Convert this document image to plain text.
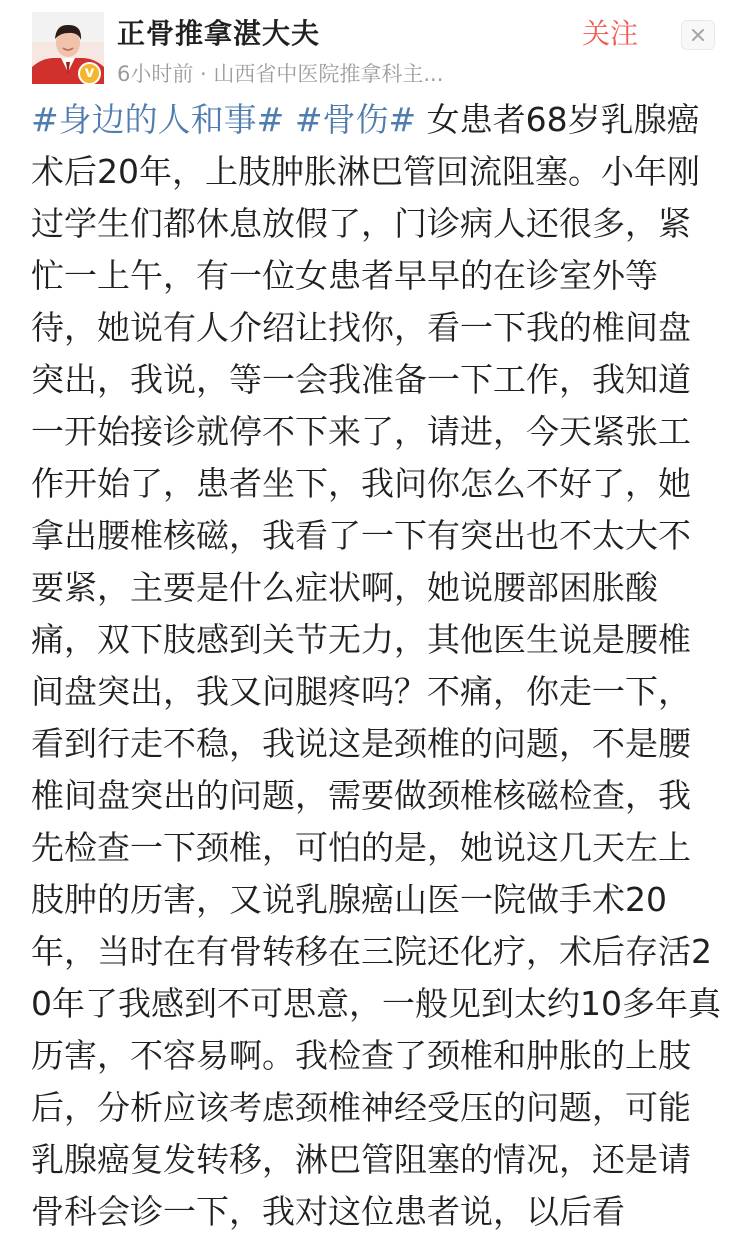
v
正骨推拿湛大夫
6小时前 · 山西省中医院推拿科主...
关注
#身边的人和事# #骨伤# 女患者68岁乳腺癌术后20年，上肢肿胀淋巴管回流阻塞。小年刚过学生们都休息放假了，门诊病人还很多，紧忙一上午，有一位女患者早早的在诊室外等待，她说有人介绍让找你，看一下我的椎间盘突出，我说，等一会我准备一下工作，我知道一开始接诊就停不下来了，请进，今天紧张工作开始了，患者坐下，我问你怎么不好了，她拿出腰椎核磁，我看了一下有突出也不太大不要紧，主要是什么症状啊，她说腰部困胀酸痛，双下肢感到关节无力，其他医生说是腰椎间盘突出，我又问腿疼吗？不痛，你走一下，看到行走不稳，我说这是颈椎的问题，不是腰椎间盘突出的问题，需要做颈椎核磁检查，我先检查一下颈椎，可怕的是，她说这几天左上肢肿的历害，又说乳腺癌山医一院做手术20年，当时在有骨转移在三院还化疗，术后存活20年了我感到不可思意，一般见到太约10多年真历害，不容易啊。我检查了颈椎和肿胀的上肢后，分析应该考虑颈椎神经受压的问题，可能乳腺癌复发转移，淋巴管阻塞的情况，还是请骨科会诊一下，我对这位患者说，以后看
